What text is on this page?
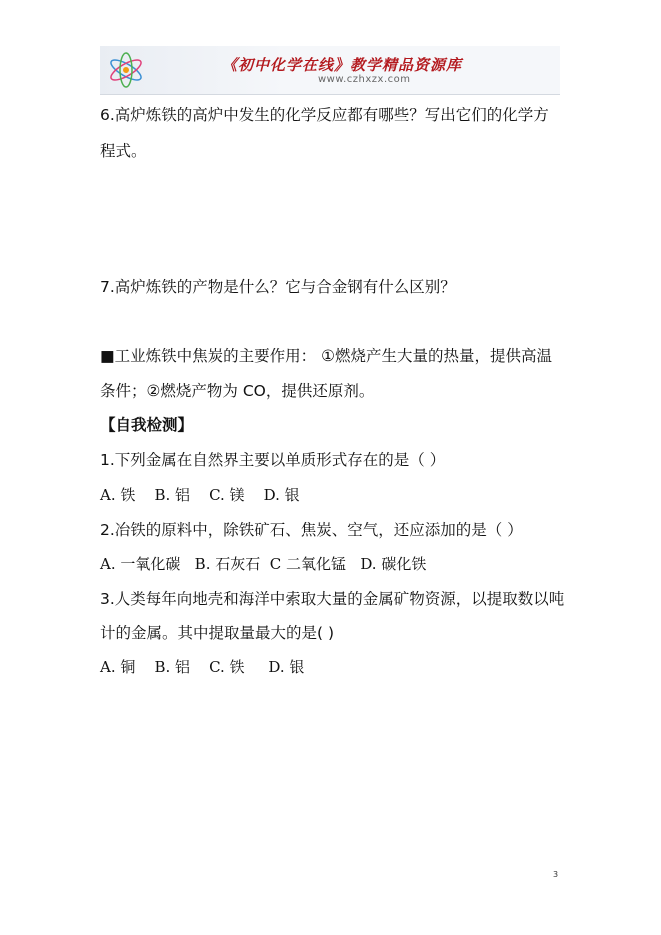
《初中化学在线》教学精品资源库
www.czhxzx.com
6.高炉炼铁的高炉中发生的化学反应都有哪些？写出它们的化学方
程式。
7.高炉炼铁的产物是什么？它与合金钢有什么区别？
■工业炼铁中焦炭的主要作用： ①燃烧产生大量的热量，提供高温
条件；②燃烧产物为 CO，提供还原剂。
【自我检测】
1.下列金属在自然界主要以单质形式存在的是（ ）
A. 铁    B. 铝    C. 镁    D. 银
2.冶铁的原料中，除铁矿石、焦炭、空气，还应添加的是（ ）
A. 一氧化碳   B. 石灰石  C 二氧化锰   D. 碳化铁
3.人类每年向地壳和海洋中索取大量的金属矿物资源，以提取数以吨
计的金属。其中提取量最大的是( )
A. 铜    B. 铝    C. 铁     D. 银
3
